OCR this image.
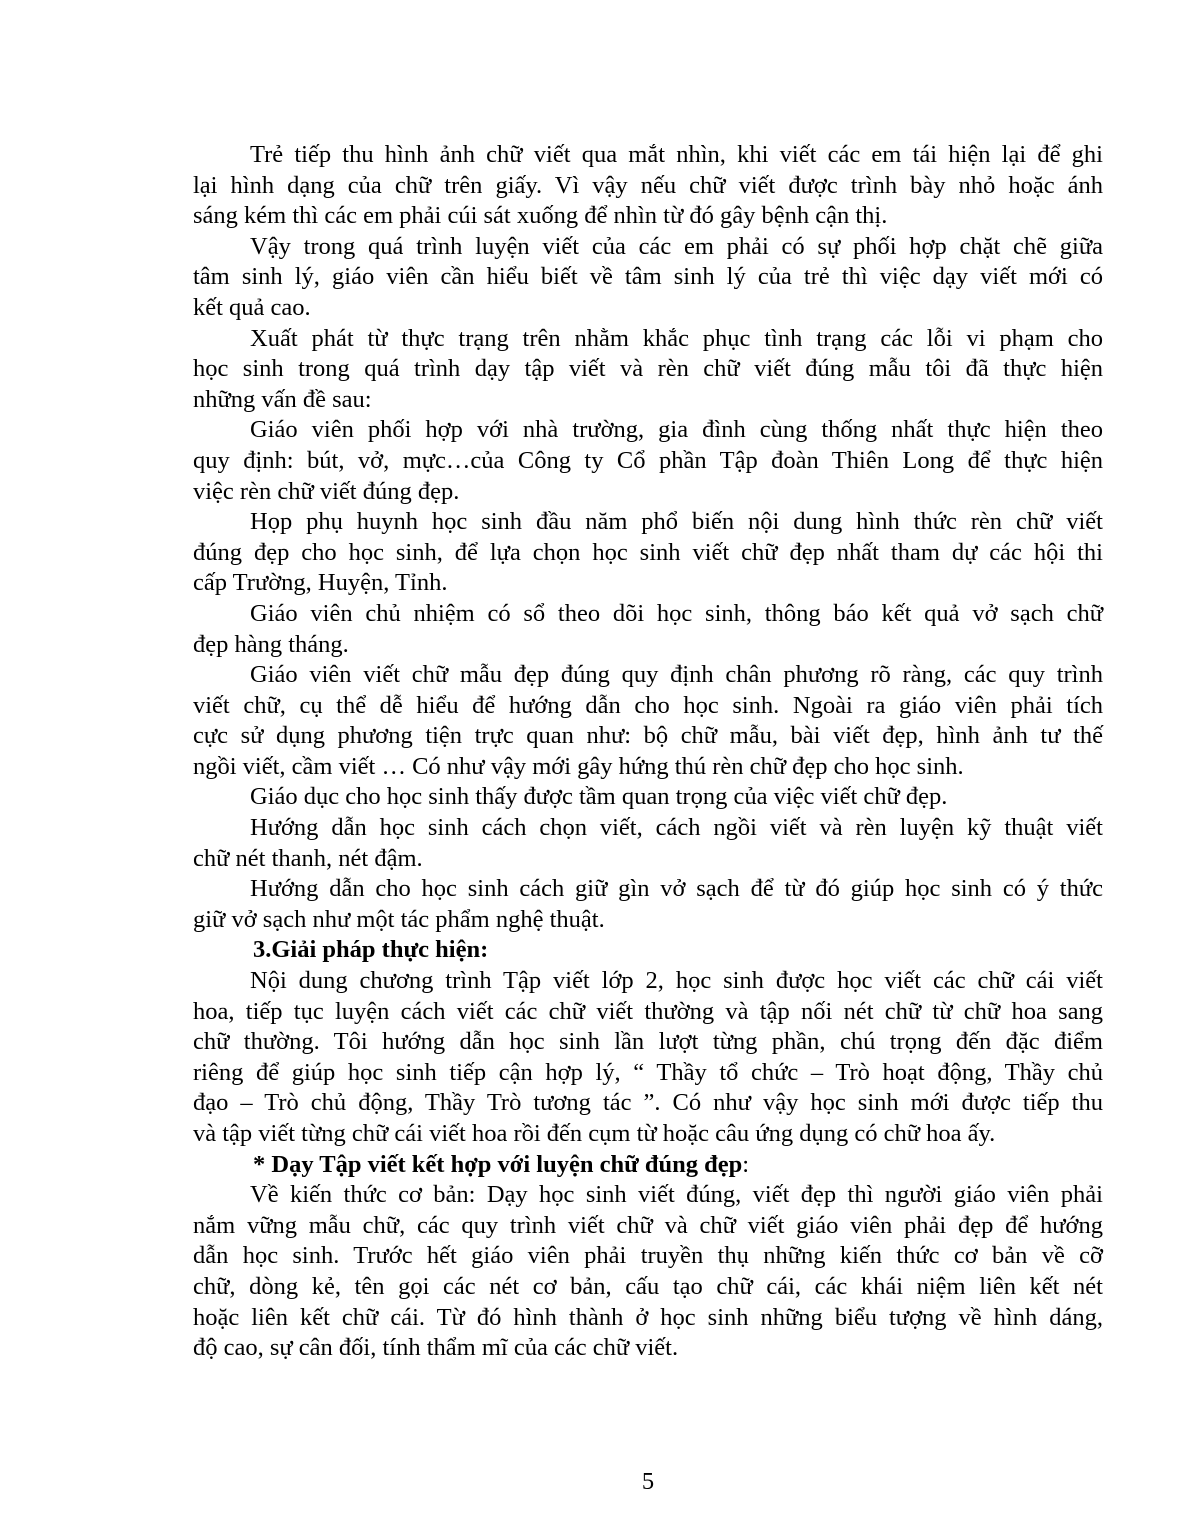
Trẻ tiếp thu hình ảnh chữ viết qua mắt nhìn, khi viết các em tái hiện lại để ghi
lại hình dạng của chữ trên giấy. Vì vậy nếu chữ viết được trình bày nhỏ hoặc ánh
sáng kém thì các em phải cúi sát xuống để nhìn từ đó gây bệnh cận thị.

Vậy trong quá trình luyện viết của các em phải có sự phối hợp chặt chẽ giữa
tâm sinh lý, giáo viên cần hiểu biết về tâm sinh lý của trẻ thì việc dạy viết mới có
kết quả cao.

Xuất phát từ thực trạng trên nhằm khắc phục tình trạng các lỗi vi phạm cho
học sinh trong quá trình dạy tập viết và rèn chữ viết đúng mẫu tôi đã thực hiện
những vấn đề sau:

Giáo viên phối hợp với nhà trường, gia đình cùng thống nhất thực hiện theo
quy định: bút, vở, mực…của Công ty Cổ phần Tập đoàn Thiên Long để thực hiện
việc rèn chữ viết đúng đẹp.

Họp phụ huynh học sinh đầu năm phổ biến nội dung hình thức rèn chữ viết
đúng đẹp cho học sinh, để lựa chọn học sinh viết chữ đẹp nhất tham dự các hội thi
cấp Trường, Huyện, Tỉnh.

Giáo viên chủ nhiệm có sổ theo dõi học sinh, thông báo kết quả vở sạch chữ
đẹp hàng tháng.

Giáo viên viết chữ mẫu đẹp đúng quy định chân phương rõ ràng, các quy trình
viết chữ, cụ thể dễ hiểu để hướng dẫn cho học sinh. Ngoài ra giáo viên phải tích
cực sử dụng phương tiện trực quan như: bộ chữ mẫu, bài viết đẹp, hình ảnh tư thế
ngồi viết, cầm viết … Có như vậy mới gây hứng thú rèn chữ đẹp cho học sinh.

Giáo dục cho học sinh thấy được tầm quan trọng của việc viết chữ đẹp.

Hướng dẫn học sinh cách chọn viết, cách ngồi viết và rèn luyện kỹ thuật viết
chữ nét thanh, nét đậm.

Hướng dẫn cho học sinh cách giữ gìn vở sạch để từ đó giúp học sinh có ý thức
giữ vở sạch như một tác phẩm nghệ thuật.

3.Giải pháp thực hiện:

Nội dung chương trình Tập viết lớp 2, học sinh được học viết các chữ cái viết
hoa, tiếp tục luyện cách viết các chữ viết thường và tập nối nét chữ từ chữ hoa sang
chữ thường. Tôi hướng dẫn học sinh lần lượt từng phần, chú trọng đến đặc điểm
riêng để giúp học sinh tiếp cận hợp lý, “ Thầy tổ chức – Trò hoạt động, Thầy chủ
đạo – Trò chủ động, Thầy Trò tương tác ”. Có như vậy học sinh mới được tiếp thu
và tập viết từng chữ cái viết hoa rồi đến cụm từ hoặc câu ứng dụng có chữ hoa ấy.

* Dạy Tập viết kết hợp với luyện chữ đúng đẹp:

Về kiến thức cơ bản: Dạy học sinh viết đúng, viết đẹp thì người giáo viên phải
nắm vững mẫu chữ, các quy trình viết chữ và chữ viết giáo viên phải đẹp để hướng
dẫn học sinh. Trước hết giáo viên phải truyền thụ những kiến thức cơ bản về cỡ
chữ, dòng kẻ, tên gọi các nét cơ bản, cấu tạo chữ cái, các khái niệm liên kết nét
hoặc liên kết chữ cái. Từ đó hình thành ở học sinh những biểu tượng về hình dáng,
độ cao, sự cân đối, tính thẩm mĩ của các chữ viết.

5
